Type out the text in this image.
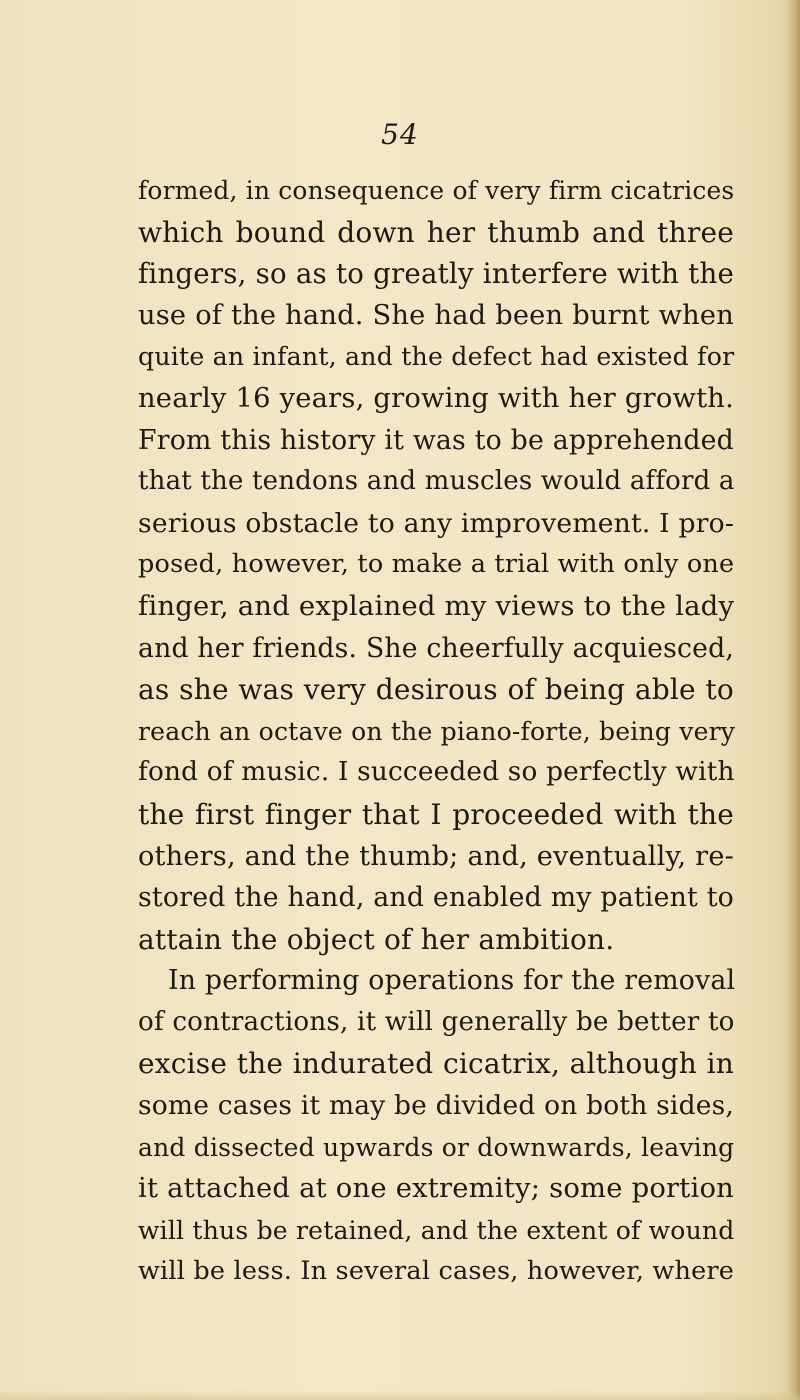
54
formed, in consequence of very firm cicatrices
which bound down her thumb and three
fingers, so as to greatly interfere with the
use of the hand. She had been burnt when
quite an infant, and the defect had existed for
nearly 16 years, growing with her growth.
From this history it was to be apprehended
that the tendons and muscles would afford a
serious obstacle to any improvement. I pro-
posed, however, to make a trial with only one
finger, and explained my views to the lady
and her friends. She cheerfully acquiesced,
as she was very desirous of being able to
reach an octave on the piano-forte, being very
fond of music. I succeeded so perfectly with
the first finger that I proceeded with the
others, and the thumb; and, eventually, re-
stored the hand, and enabled my patient to
attain the object of her ambition.
In performing operations for the removal
of contractions, it will generally be better to
excise the indurated cicatrix, although in
some cases it may be divided on both sides,
and dissected upwards or downwards, leaving
it attached at one extremity; some portion
will thus be retained, and the extent of wound
will be less. In several cases, however, where
